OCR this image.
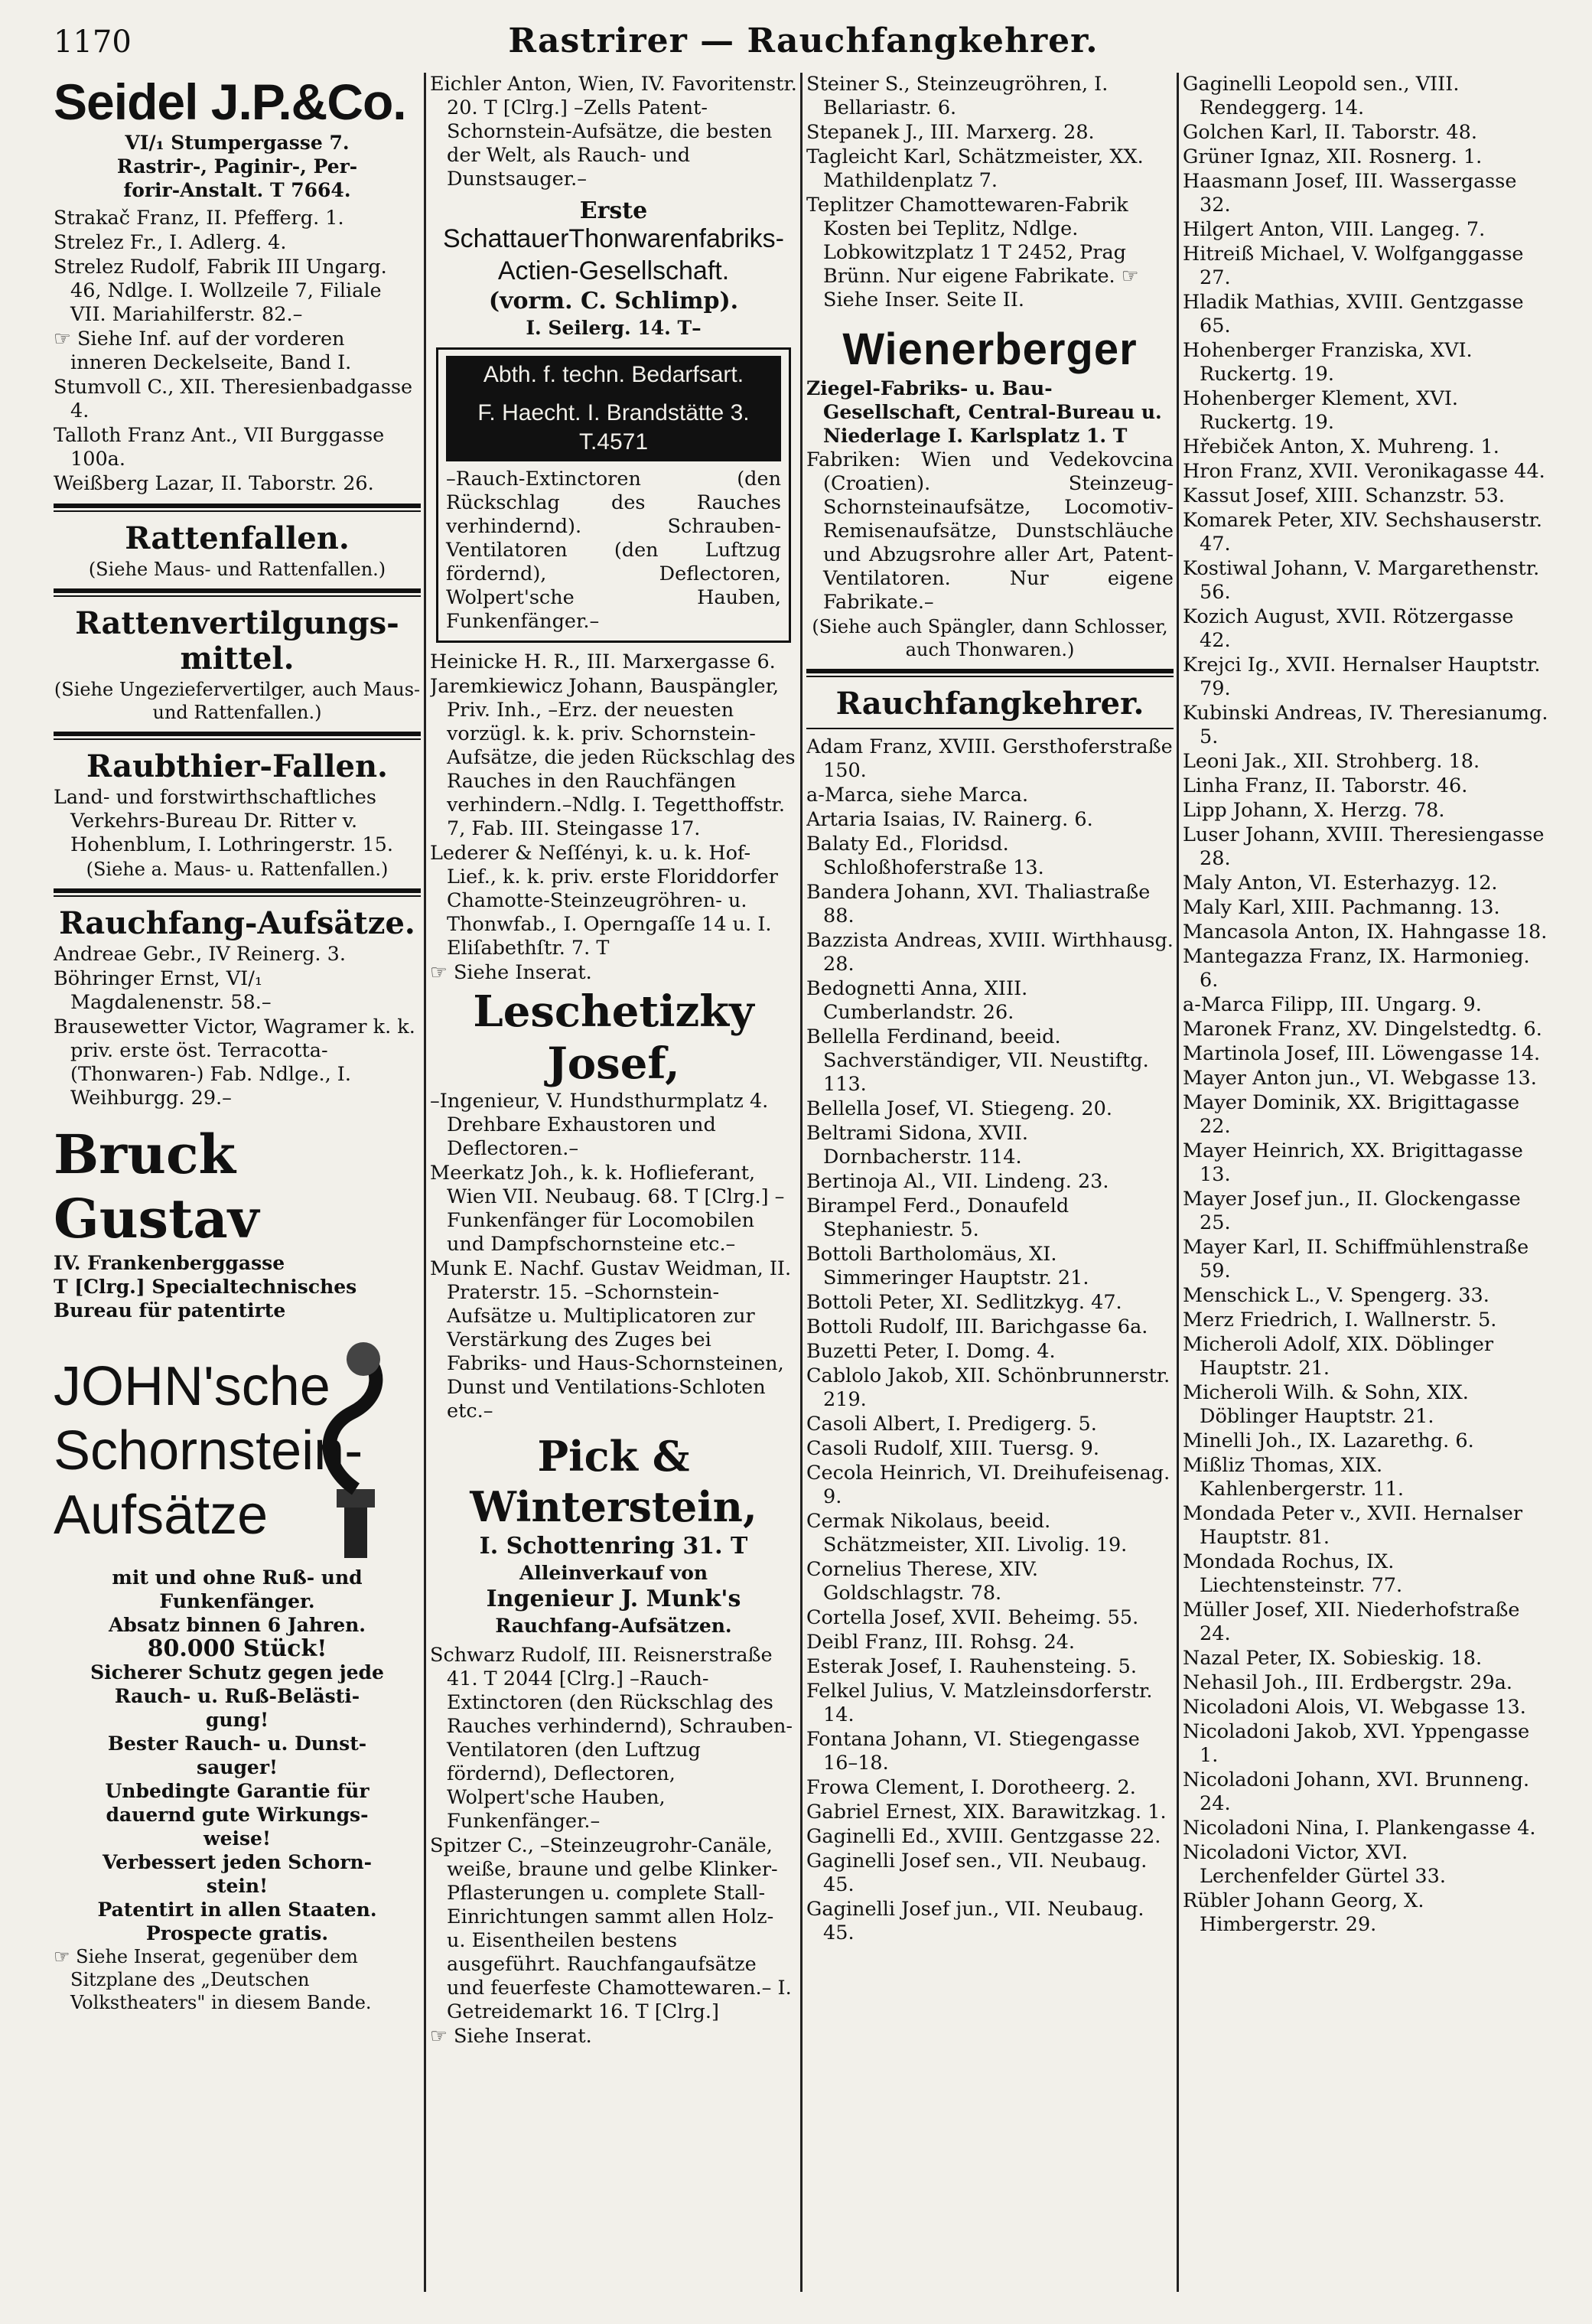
1170	Rastrirer — Rauchfangkehrer.
Seidel J.P.&Co.
VI/₁ Stumpergasse 7.
Rastrir-, Paginir-, Per-
forir-Anstalt. T 7664.
Strakač Franz, II. Pfefferg. 1.
Strelez Fr., I. Adlerg. 4.
Strelez Rudolf, Fabrik III Ungarg. 46, Ndlge. I. Wollzeile 7, Filiale VII. Mariahilferstr. 82.–
☞ Siehe Inf. auf der vorderen inneren Deckelseite, Band I.
Stumvoll C., XII. Theresienbadgasse 4.
Talloth Franz Ant., VII Burggasse 100a.
Weißberg Lazar, II. Taborstr. 26.
Rattenfallen.
(Siehe Maus- und Rattenfallen.)
Rattenvertilgungs-mittel.
(Siehe Ungeziefervertilger, auch Maus- und Rattenfallen.)
Raubthier-Fallen.
Land- und forstwirthschaftliches Verkehrs-Bureau Dr. Ritter v. Hohenblum, I. Lothringerstr. 15.
(Siehe a. Maus- u. Rattenfallen.)
Rauchfang-Aufsätze.
Andreae Gebr., IV Reinerg. 3.
Böhringer Ernst, VI/₁ Magdalenenstr. 58.–
Brausewetter Victor, Wagramer k. k. priv. erste öst. Terracotta-(Thonwaren-) Fab. Ndlge., I. Weihburgg. 29.–
Bruck Gustav
IV. Frankenberggasse
T [Clrg.] Specialtechnisches
Bureau für patentirte
JOHN'sche Schornstein-Aufsätze
mit und ohne Ruß- und
Funkenfänger.
Absatz binnen 6 Jahren.
80.000 Stück!
Sicherer Schutz gegen jede
Rauch- u. Ruß-Belästi-
gung!
Bester Rauch- u. Dunst-
sauger!
Unbedingte Garantie für
dauernd gute Wirkungs-
weise!
Verbessert jeden Schorn-
stein!
Patentirt in allen Staaten.
Prospecte gratis.
☞ Siehe Inserat, gegenüber dem Sitzplane des „Deutschen Volkstheaters" in diesem Bande.
Eichler Anton, Wien, IV. Favoritenstr. 20. T [Clrg.] –Zells Patent-Schornstein-Aufsätze, die besten der Welt, als Rauch- und Dunstsauger.–
Erste
SchattauerThonwarenfabriks-
Actien-Gesellschaft.
(vorm. C. Schlimp).
I. Seilerg. 14. T–
Abth. f. techn. Bedarfsart.
F. Haecht. I. Brandstätte 3. T.4571
–Rauch-Extinctoren (den Rückschlag des Rauches verhindernd). Schrauben-Ventilatoren (den Luftzug fördernd), Deflectoren, Wolpert'sche Hauben, Funkenfänger.–
Heinicke H. R., III. Marxergasse 6.
Jaremkiewicz Johann, Bauspängler, Priv. Inh., –Erz. der neuesten vorzügl. k. k. priv. Schornstein-Aufsätze, die jeden Rückschlag des Rauches in den Rauchfängen verhindern.–Ndlg. I. Tegetthoffstr. 7, Fab. III. Steingasse 17.
Lederer & Neſſényi, k. u. k. Hof-Lief., k. k. priv. erste Floriddorfer Chamotte-Steinzeugröhren- u. Thonwfab., I. Operngaſſe 14 u. I. Eliſabethſtr. 7. T
☞ Siehe Inserat.
Leschetizky Josef,
–Ingenieur, V. Hundsthurmplatz 4. Drehbare Exhaustoren und Deflectoren.–
Meerkatz Joh., k. k. Hoflieferant, Wien VII. Neubaug. 68. T [Clrg.] –Funkenfänger für Locomobilen und Dampfschornsteine etc.–
Munk E. Nachf. Gustav Weidman, II. Praterstr. 15. –Schornstein-Aufsätze u. Multiplicatoren zur Verstärkung des Zuges bei Fabriks- und Haus-Schornsteinen, Dunst und Ventilations-Schloten etc.–
Pick & Winterstein,
I. Schottenring 31. T
Alleinverkauf von
Ingenieur J. Munk's
Rauchfang-Aufsätzen.
Schwarz Rudolf, III. Reisnerstraße 41. T 2044 [Clrg.] –Rauch-Extinctoren (den Rückschlag des Rauches verhindernd), Schrauben-Ventilatoren (den Luftzug fördernd), Deflectoren, Wolpert'sche Hauben, Funkenfänger.–
Spitzer C., –Steinzeugrohr-Canäle, weiße, braune und gelbe Klinker-Pflasterungen u. complete Stall-Einrichtungen sammt allen Holz- u. Eisentheilen bestens ausgeführt. Rauchfangaufsätze und feuerfeste Chamottewaren.– I. Getreidemarkt 16. T [Clrg.]
☞ Siehe Inserat.
Steiner S., Steinzeugröhren, I. Bellariastr. 6.
Stepanek J., III. Marxerg. 28.
Tagleicht Karl, Schätzmeister, XX. Mathildenplatz 7.
Teplitzer Chamottewaren-Fabrik Kosten bei Teplitz, Ndlge. Lobkowitzplatz 1 T 2452, Prag Brünn. Nur eigene Fabrikate. ☞ Siehe Inser. Seite II.
Wienerberger
Ziegel-Fabriks- u. Bau-Gesellschaft, Central-Bureau u. Niederlage I. Karlsplatz 1. T
Fabriken: Wien und Vedekovcina (Croatien). Steinzeug-Schornsteinaufsätze, Locomotiv-Remisenaufsätze, Dunstschläuche und Abzugsrohre aller Art, Patent-Ventilatoren. Nur eigene Fabrikate.–
(Siehe auch Spängler, dann Schlosser, auch Thonwaren.)
Rauchfangkehrer.
Adam Franz, XVIII. Gersthoferstraße 150.
a-Marca, siehe Marca.
Artaria Isaias, IV. Rainerg. 6.
Balaty Ed., Floridsd. Schloßhoferstraße 13.
Bandera Johann, XVI. Thaliastraße 88.
Bazzista Andreas, XVIII. Wirthhausg. 28.
Bedognetti Anna, XIII. Cumberlandstr. 26.
Bellella Ferdinand, beeid. Sachverständiger, VII. Neustiftg. 113.
Bellella Josef, VI. Stiegeng. 20.
Beltrami Sidona, XVII. Dornbacherstr. 114.
Bertinoja Al., VII. Lindeng. 23.
Birampel Ferd., Donaufeld Stephaniestr. 5.
Bottoli Bartholomäus, XI. Simmeringer Hauptstr. 21.
Bottoli Peter, XI. Sedlitzkyg. 47.
Bottoli Rudolf, III. Barichgasse 6a.
Buzetti Peter, I. Domg. 4.
Cablolo Jakob, XII. Schönbrunnerstr. 219.
Casoli Albert, I. Predigerg. 5.
Casoli Rudolf, XIII. Tuersg. 9.
Cecola Heinrich, VI. Dreihufeisenag. 9.
Cermak Nikolaus, beeid. Schätzmeister, XII. Livolig. 19.
Cornelius Therese, XIV. Goldschlagstr. 78.
Cortella Josef, XVII. Beheimg. 55.
Deibl Franz, III. Rohsg. 24.
Esterak Josef, I. Rauhensteing. 5.
Felkel Julius, V. Matzleinsdorferstr. 14.
Fontana Johann, VI. Stiegengasse 16–18.
Frowa Clement, I. Dorotheerg. 2.
Gabriel Ernest, XIX. Barawitzkag. 1.
Gaginelli Ed., XVIII. Gentzgasse 22.
Gaginelli Josef sen., VII. Neubaug. 45.
Gaginelli Josef jun., VII. Neubaug. 45.
Gaginelli Leopold sen., VIII. Rendeggerg. 14.
Golchen Karl, II. Taborstr. 48.
Grüner Ignaz, XII. Rosnerg. 1.
Haasmann Josef, III. Wassergasse 32.
Hilgert Anton, VIII. Langeg. 7.
Hitreiß Michael, V. Wolfganggasse 27.
Hladik Mathias, XVIII. Gentzgasse 65.
Hohenberger Franziska, XVI. Ruckertg. 19.
Hohenberger Klement, XVI. Ruckertg. 19.
Hřebiček Anton, X. Muhreng. 1.
Hron Franz, XVII. Veronikagasse 44.
Kassut Josef, XIII. Schanzstr. 53.
Komarek Peter, XIV. Sechshauserstr. 47.
Kostiwal Johann, V. Margarethenstr. 56.
Kozich August, XVII. Rötzergasse 42.
Krejci Ig., XVII. Hernalser Hauptstr. 79.
Kubinski Andreas, IV. Theresianumg. 5.
Leoni Jak., XII. Strohberg. 18.
Linha Franz, II. Taborstr. 46.
Lipp Johann, X. Herzg. 78.
Luser Johann, XVIII. Theresiengasse 28.
Maly Anton, VI. Esterhazyg. 12.
Maly Karl, XIII. Pachmanng. 13.
Mancasola Anton, IX. Hahngasse 18.
Mantegazza Franz, IX. Harmonieg. 6.
a-Marca Filipp, III. Ungarg. 9.
Maronek Franz, XV. Dingelstedtg. 6.
Martinola Josef, III. Löwengasse 14.
Mayer Anton jun., VI. Webgasse 13.
Mayer Dominik, XX. Brigittagasse 22.
Mayer Heinrich, XX. Brigittagasse 13.
Mayer Josef jun., II. Glockengasse 25.
Mayer Karl, II. Schiffmühlenstraße 59.
Menschick L., V. Spengerg. 33.
Merz Friedrich, I. Wallnerstr. 5.
Micheroli Adolf, XIX. Döblinger Hauptstr. 21.
Micheroli Wilh. & Sohn, XIX. Döblinger Hauptstr. 21.
Minelli Joh., IX. Lazarethg. 6.
Mißliz Thomas, XIX. Kahlenbergerstr. 11.
Mondada Peter v., XVII. Hernalser Hauptstr. 81.
Mondada Rochus, IX. Liechtensteinstr. 77.
Müller Josef, XII. Niederhofstraße 24.
Nazal Peter, IX. Sobieskig. 18.
Nehasil Joh., III. Erdbergstr. 29a.
Nicoladoni Alois, VI. Webgasse 13.
Nicoladoni Jakob, XVI. Yppengasse 1.
Nicoladoni Johann, XVI. Brunneng. 24.
Nicoladoni Nina, I. Plankengasse 4.
Nicoladoni Victor, XVI. Lerchenfelder Gürtel 33.
Rübler Johann Georg, X. Himbergerstr. 29.
